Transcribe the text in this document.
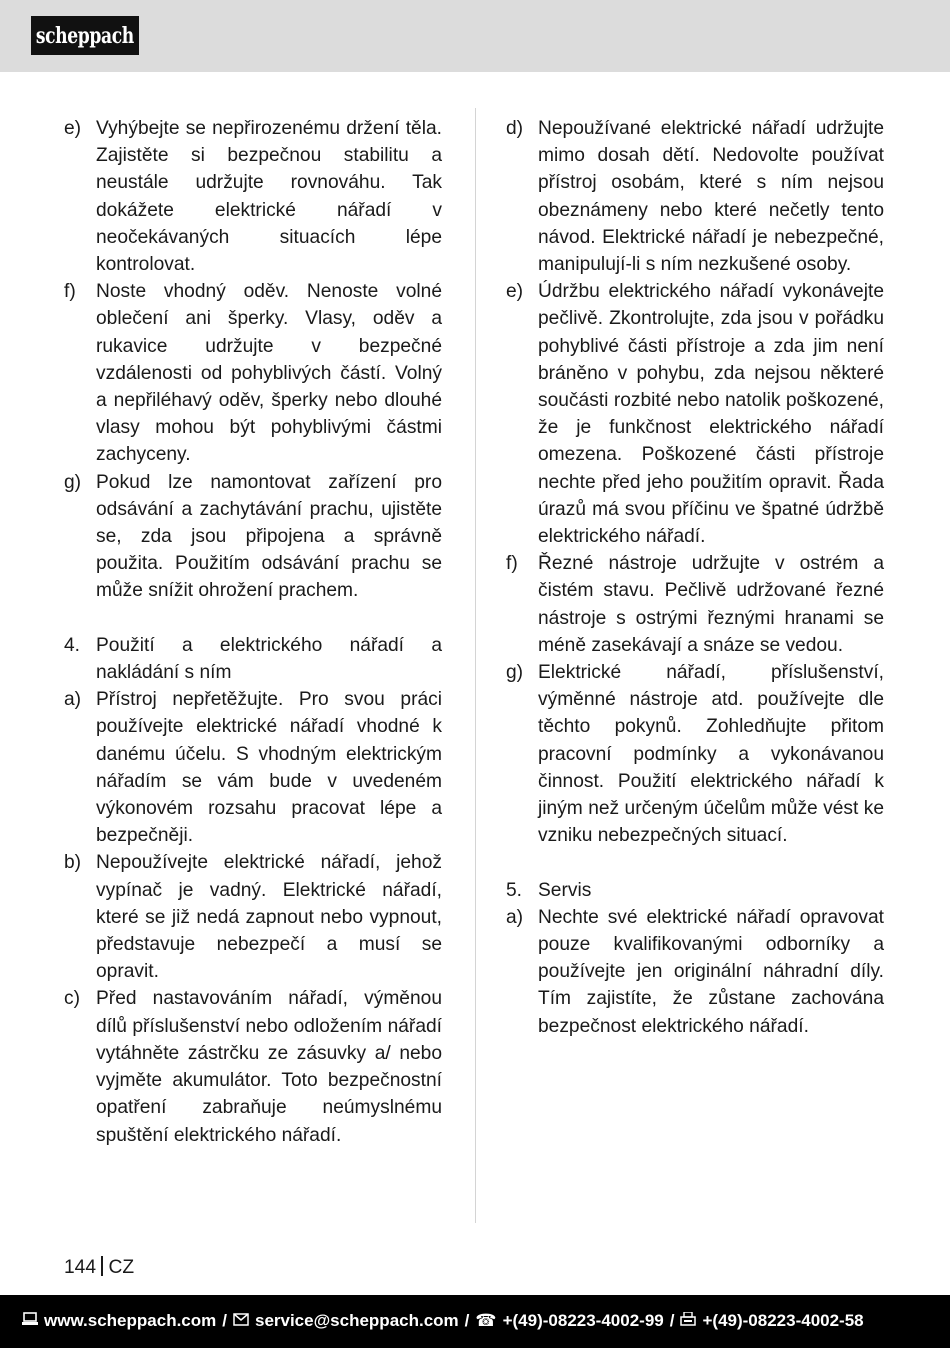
scheppach
e) Vyhýbejte se nepřirozenému držení těla. Zajistěte si bezpečnou stabilitu a neustále udržujte rovnováhu. Tak dokážete elektrické nářadí v neočekávaných situacích lépe kontrolovat.
f)	Noste vhodný oděv. Nenoste volné oblečení ani šperky. Vlasy, oděv a rukavice udržujte v bezpečné vzdálenosti od pohyblivých částí. Volný a nepřiléhavý oděv, šperky nebo dlouhé vlasy mohou být pohyblivými částmi zachyceny.
g) Pokud lze namontovat zařízení pro odsávání a zachytávání prachu, ujistěte se, zda jsou připojena a správně použita. Použitím odsávání prachu se může snížit ohrožení prachem.
4. Použití a elektrického nářadí a nakládání s ním
a) Přístroj nepřetěžujte. Pro svou práci používejte elektrické nářadí vhodné k danému účelu. S vhodným elektrickým nářadím se vám bude v uvedeném výkonovém rozsahu pracovat lépe a bezpečněji.
b) Nepoužívejte elektrické nářadí, jehož vypínač je vadný. Elektrické nářadí, které se již nedá zapnout nebo vypnout, představuje nebezpečí a musí se opravit.
c) Před nastavováním nářadí, výměnou dílů příslušenství nebo odložením nářadí vytáhněte zástrčku ze zásuvky a/ nebo vyjměte akumulátor. Toto bezpečnostní opatření zabraňuje neúmyslnému spuštění elektrického nářadí.
d) Nepoužívané elektrické nářadí udržujte mimo dosah dětí. Nedovolte používat přístroj osobám, které s ním nejsou obeznámeny nebo které nečetly tento návod. Elektrické nářadí je nebezpečné, manipulují-li s ním nezkušené osoby.
e) Údržbu elektrického nářadí vykonávejte pečlivě. Zkontrolujte, zda jsou v pořádku pohyblivé části přístroje a zda jim není bráněno v pohybu, zda nejsou některé součásti rozbité nebo natolik poškozené, že je funkčnost elektrického nářadí omezena. Poškozené části přístroje nechte před jeho použitím opravit. Řada úrazů má svou příčinu ve špatné údržbě elektrického nářadí.
f)	Řezné nástroje udržujte v ostrém a čistém stavu. Pečlivě udržované řezné nástroje s ostrými řeznými hranami se méně zasekávají a snáze se vedou.
g) Elektrické nářadí, příslušenství, výměnné nástroje atd. používejte dle těchto pokynů. Zohledňujte přitom pracovní podmínky a vykonávanou činnost. Použití elektrického nářadí k jiným než určeným účelům může vést ke vzniku nebezpečných situací.
5. Servis
a) Nechte své elektrické nářadí opravovat pouze kvalifikovanými odborníky a používejte jen originální náhradní díly. Tím zajistíte, že zůstane zachována bezpečnost elektrického nářadí.
144 CZ
www.scheppach.com / service@scheppach.com / ☎ +(49)-08223-4002-99 / +(49)-08223-4002-58
